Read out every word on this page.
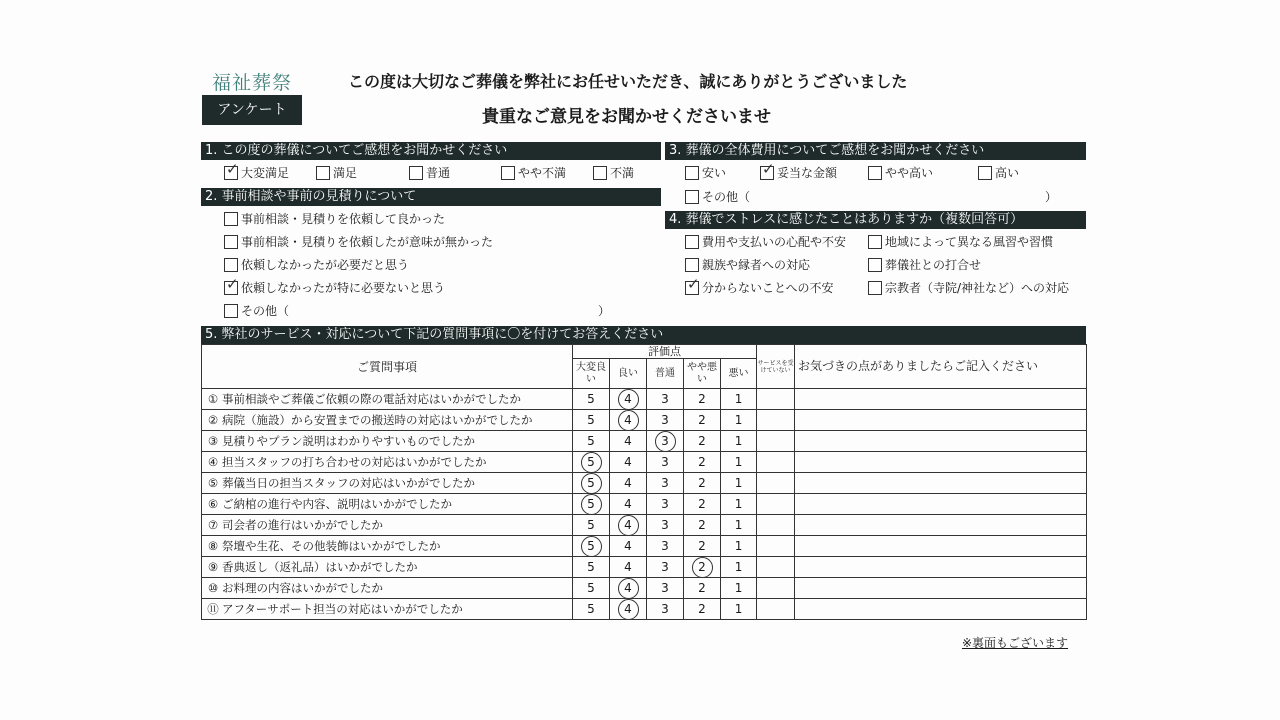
福祉葬祭
アンケート
この度は大切なご葬儀を弊社にお任せいただき、誠にありがとうございました
貴重なご意見をお聞かせくださいませ
1. この度の葬儀についてご感想をお聞かせください
✓大変満足	満足	普通	やや不満	不満
2. 事前相談や事前の見積りについて
事前相談・見積りを依頼して良かった
事前相談・見積りを依頼したが意味が無かった
依頼しなかったが必要だと思う
✓依頼しなかったが特に必要ないと思う
その他（	）
3. 葬儀の全体費用についてご感想をお聞かせください
安い ✓	妥当な金額	やや高い	高い
その他（	）
4. 葬儀でストレスに感じたことはありますか（複数回答可）
費用や支払いの心配や不安	地域によって異なる風習や習慣
親族や縁者への対応	葬儀社との打合せ
✓分からないことへの不安	宗教者（寺院/神社など）への対応
5. 弊社のサービス・対応について下記の質問事項に〇を付けてお答えください
ご質問事項	評価点					サービスを受けていない	お気づきの点がありましたらご記入ください
	大変良い	良い	普通	やや悪い	悪い		
① 事前相談やご葬儀ご依頼の際の電話対応はいかがでしたか	5	4	3	2	1		
② 病院（施設）から安置までの搬送時の対応はいかがでしたか	5	4	3	2	1		
③ 見積りやプラン説明はわかりやすいものでしたか	5	4	3	2	1		
④ 担当スタッフの打ち合わせの対応はいかがでしたか	5	4	3	2	1		
⑤ 葬儀当日の担当スタッフの対応はいかがでしたか	5	4	3	2	1		
⑥ ご納棺の進行や内容、説明はいかがでしたか	5	4	3	2	1		
⑦ 司会者の進行はいかがでしたか	5	4	3	2	1		
⑧ 祭壇や生花、その他装飾はいかがでしたか	5	4	3	2	1		
⑨ 香典返し（返礼品）はいかがでしたか	5	4	3	2	1		
⑩ お料理の内容はいかがでしたか	5	4	3	2	1		
⑪ アフターサポート担当の対応はいかがでしたか	5	4	3	2	1		
※裏面もございます
